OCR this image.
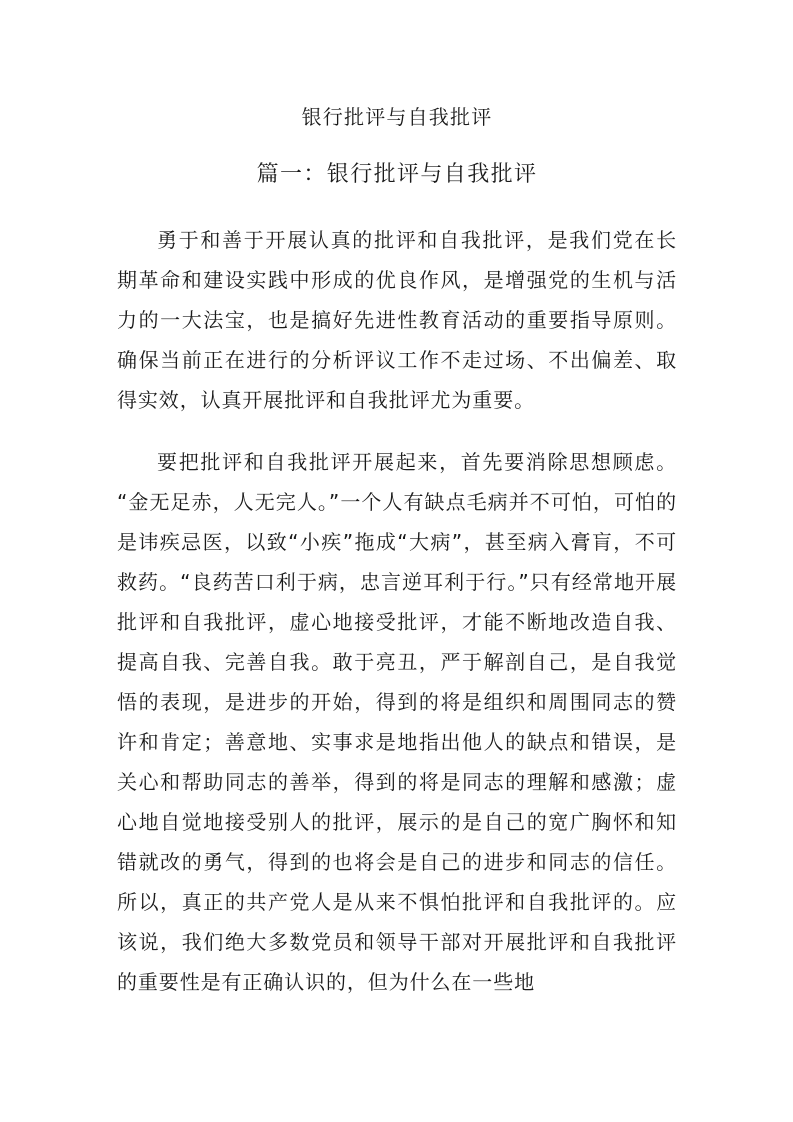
银行批评与自我批评
篇一：银行批评与自我批评

勇于和善于开展认真的批评和自我批评，是我们党在长期革命和建设实践中形成的优良作风，是增强党的生机与活力的一大法宝，也是搞好先进性教育活动的重要指导原则。确保当前正在进行的分析评议工作不走过场、不出偏差、取得实效，认真开展批评和自我批评尤为重要。

要把批评和自我批评开展起来，首先要消除思想顾虑。“金无足赤，人无完人。”一个人有缺点毛病并不可怕，可怕的是讳疾忌医，以致“小疾”拖成“大病”，甚至病入膏肓，不可救药。“良药苦口利于病，忠言逆耳利于行。”只有经常地开展批评和自我批评，虚心地接受批评，才能不断地改造自我、提高自我、完善自我。敢于亮丑，严于解剖自己，是自我觉悟的表现，是进步的开始，得到的将是组织和周围同志的赞许和肯定；善意地、实事求是地指出他人的缺点和错误，是关心和帮助同志的善举，得到的将是同志的理解和感激；虚心地自觉地接受别人的批评，展示的是自己的宽广胸怀和知错就改的勇气，得到的也将会是自己的进步和同志的信任。所以，真正的共产党人是从来不惧怕批评和自我批评的。应该说，我们绝大多数党员和领导干部对开展批评和自我批评的重要性是有正确认识的，但为什么在一些地
